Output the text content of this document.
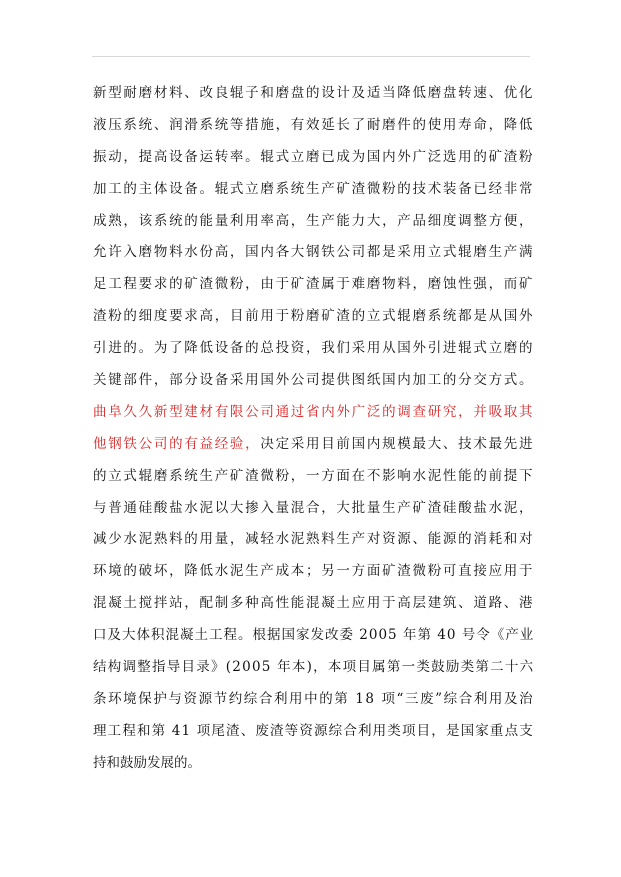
新型耐磨材料、改良辊子和磨盘的设计及适当降低磨盘转速、优化
液压系统、润滑系统等措施，有效延长了耐磨件的使用寿命，降低
振动，提高设备运转率。辊式立磨已成为国内外广泛选用的矿渣粉
加工的主体设备。辊式立磨系统生产矿渣微粉的技术装备已经非常
成熟，该系统的能量利用率高，生产能力大，产品细度调整方便，
允许入磨物料水份高，国内各大钢铁公司都是采用立式辊磨生产满
足工程要求的矿渣微粉，由于矿渣属于难磨物料，磨蚀性强，而矿
渣粉的细度要求高，目前用于粉磨矿渣的立式辊磨系统都是从国外
引进的。为了降低设备的总投资，我们采用从国外引进辊式立磨的
关键部件，部分设备采用国外公司提供图纸国内加工的分交方式。
曲阜久久新型建材有限公司通过省内外广泛的调查研究，并吸取其
他钢铁公司的有益经验，决定采用目前国内规模最大、技术最先进
的立式辊磨系统生产矿渣微粉，一方面在不影响水泥性能的前提下
与普通硅酸盐水泥以大掺入量混合，大批量生产矿渣硅酸盐水泥，
减少水泥熟料的用量，减轻水泥熟料生产对资源、能源的消耗和对
环境的破坏，降低水泥生产成本；另一方面矿渣微粉可直接应用于
混凝土搅拌站，配制多种高性能混凝土应用于高层建筑、道路、港
口及大体积混凝土工程。根据国家发改委 2005 年第 40 号令《产业
结构调整指导目录》(2005 年本)，本项目属第一类鼓励类第二十六
条环境保护与资源节约综合利用中的第 18 项“三废”综合利用及治
理工程和第 41 项尾渣、废渣等资源综合利用类项目，是国家重点支
持和鼓励发展的。
